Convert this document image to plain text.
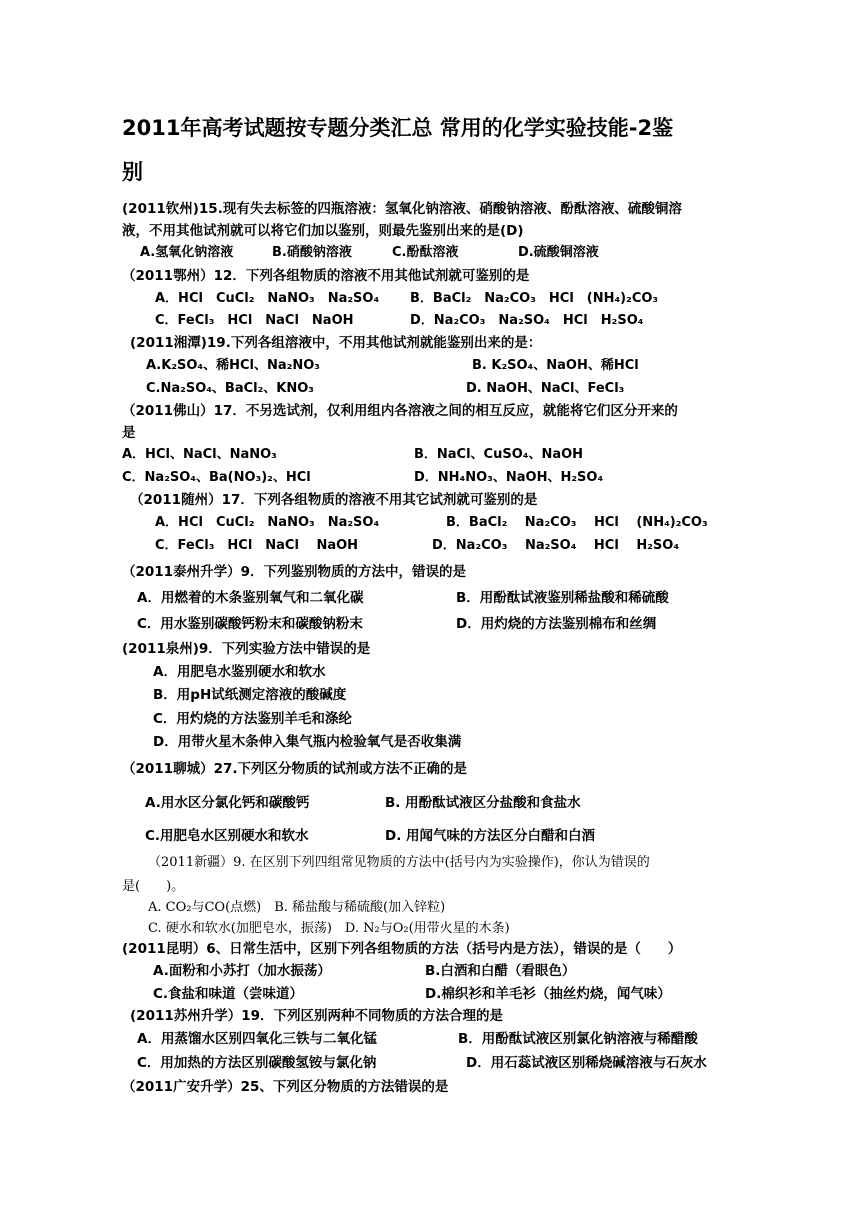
2011年高考试题按专题分类汇总 常用的化学实验技能-2鉴
别
(2011钦州)15.现有失去标签的四瓶溶液：氢氧化钠溶液、硝酸钠溶液、酚酞溶液、硫酸铜溶
液，不用其他试剂就可以将它们加以鉴别，则最先鉴别出来的是(D)
A.氢氧化钠溶液	B.硝酸钠溶液	C.酚酞溶液	D.硫酸铜溶液
（2011鄂州）12．下列各组物质的溶液不用其他试剂就可鉴别的是
A．HCl　CuCl₂　NaNO₃　Na₂SO₄ B．BaCl₂　Na₂CO₃　HCl　(NH₄)₂CO₃
C．FeCl₃　HCl　NaCl　NaOH	D．Na₂CO₃　Na₂SO₄　HCl　H₂SO₄
(2011湘潭)19.下列各组溶液中，不用其他试剂就能鉴别出来的是：
A.K₂SO₄、稀HCl、Na₂NO₃	B. K₂SO₄、NaOH、稀HCl
C.Na₂SO₄、BaCl₂、KNO₃	D. NaOH、NaCl、FeCl₃
（2011佛山）17．不另选试剂，仅利用组内各溶液之间的相互反应，就能将它们区分开来的
是
A．HCl、NaCl、NaNO₃	B．NaCl、CuSO₄、NaOH
C．Na₂SO₄、Ba(NO₃)₂、HCl	D．NH₄NO₃、NaOH、H₂SO₄
（2011随州）17．下列各组物质的溶液不用其它试剂就可鉴别的是
A．HCl　CuCl₂　NaNO₃　Na₂SO₄	B．BaCl₂　 Na₂CO₃　 HCl　 (NH₄)₂CO₃
C．FeCl₃　HCl　NaCl　 NaOH	D．Na₂CO₃　 Na₂SO₄　 HCl　 H₂SO₄
（2011泰州升学）9．下列鉴别物质的方法中，错误的是
A．用燃着的木条鉴别氧气和二氧化碳	B．用酚酞试液鉴别稀盐酸和稀硫酸
C．用水鉴别碳酸钙粉末和碳酸钠粉末	D．用灼烧的方法鉴别棉布和丝绸
(2011泉州)9．下列实验方法中错误的是
A．用肥皂水鉴别硬水和软水
B．用pH试纸测定溶液的酸碱度
C．用灼烧的方法鉴别羊毛和涤纶
D．用带火星木条伸入集气瓶内检验氧气是否收集满
（2011聊城）27.下列区分物质的试剂或方法不正确的是
A.用水区分氯化钙和碳酸钙	B. 用酚酞试液区分盐酸和食盐水
C.用肥皂水区别硬水和软水	D. 用闻气味的方法区分白醋和白酒
（2011新疆）9. 在区别下列四组常见物质的方法中(括号内为实验操作)，你认为错误的
是(　　)。
A. CO₂与CO(点燃)　B. 稀盐酸与稀硫酸(加入锌粒)
C. 硬水和软水(加肥皂水，振荡)　D. N₂与O₂(用带火星的木条)
(2011昆明）6、日常生活中，区别下列各组物质的方法（括号内是方法），错误的是（　　）
A.面粉和小苏打（加水振荡）	B.白酒和白醋（看眼色）
C.食盐和味道（尝味道）	D.棉织衫和羊毛衫（抽丝灼烧，闻气味）
(2011苏州升学）19．下列区别两种不同物质的方法合理的是
A．用蒸馏水区别四氧化三铁与二氧化锰	B．用酚酞试液区别氯化钠溶液与稀醋酸
C．用加热的方法区别碳酸氢铵与氯化钠	D．用石蕊试液区别稀烧碱溶液与石灰水
（2011广安升学）25、下列区分物质的方法错误的是
